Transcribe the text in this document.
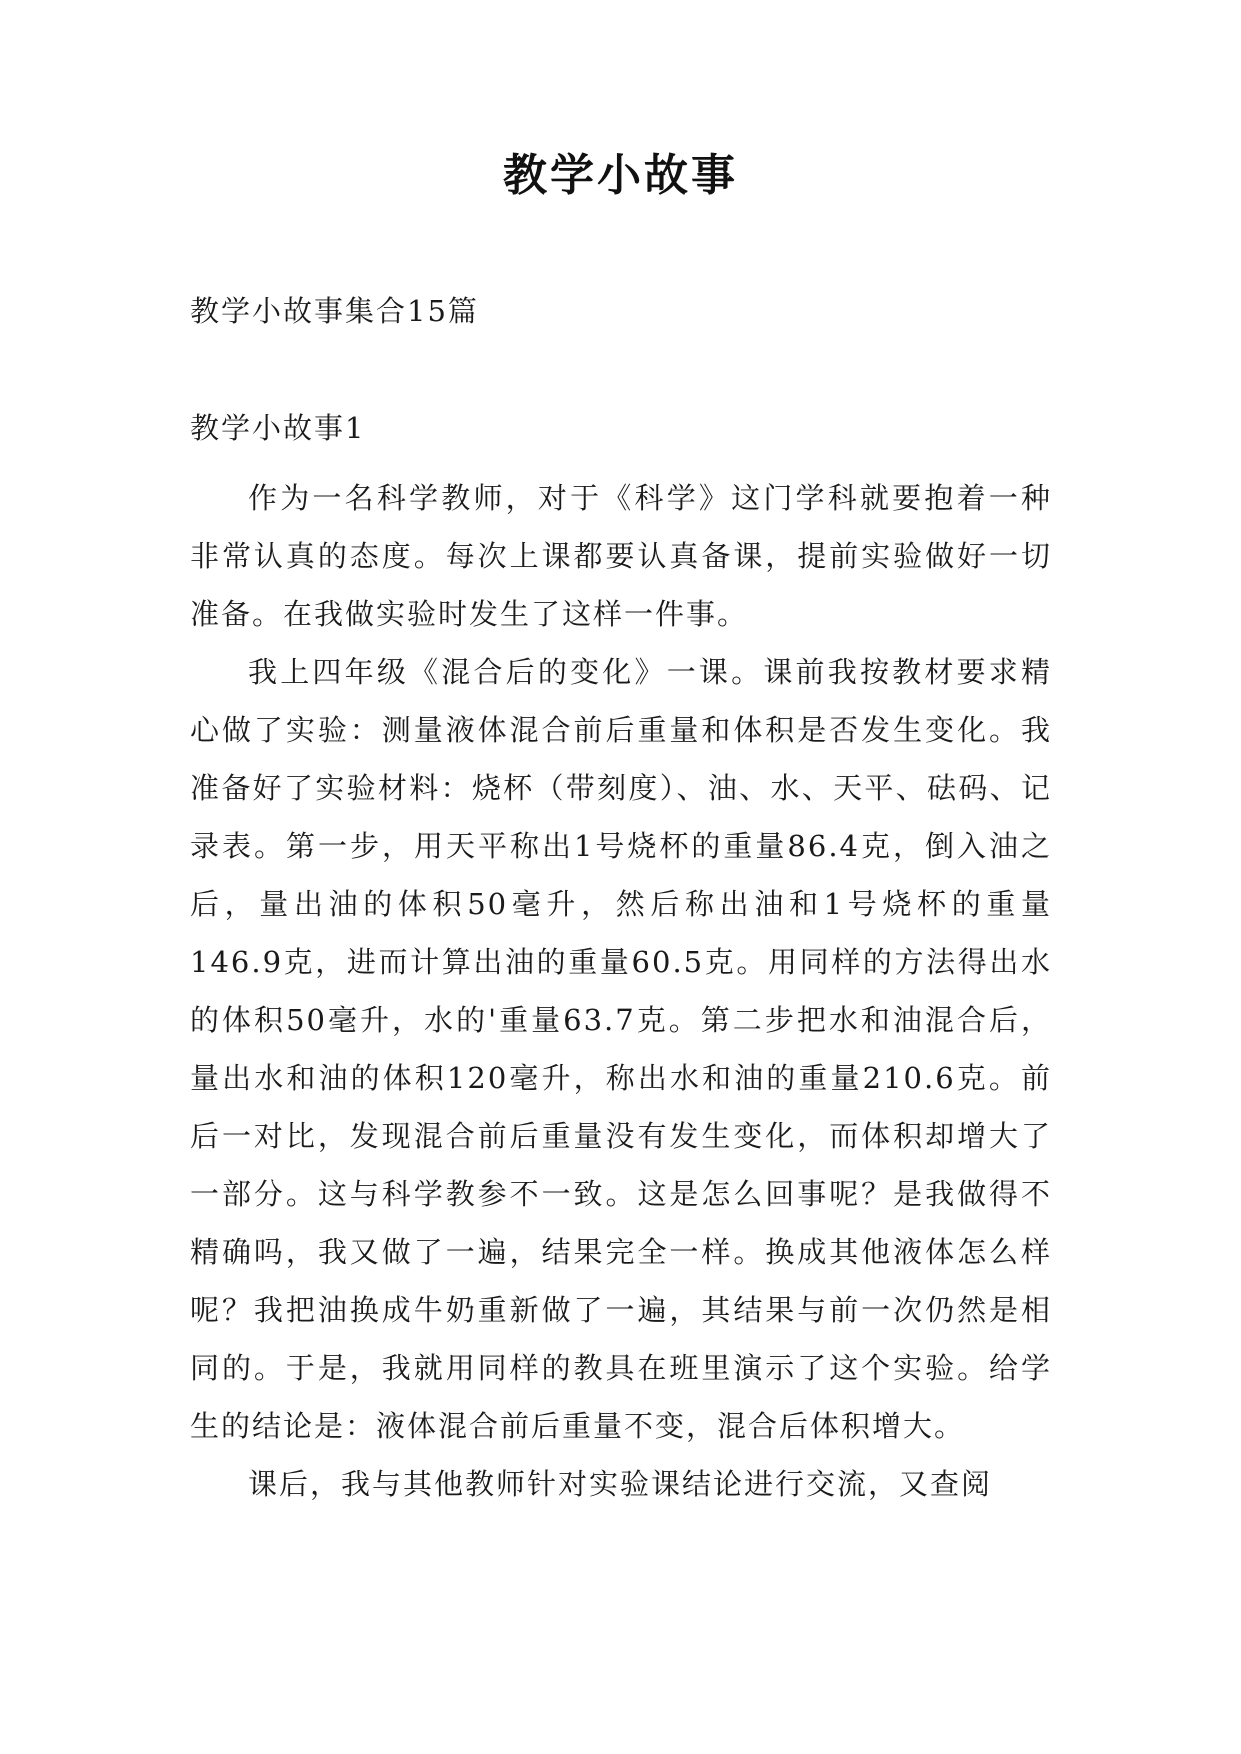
教学小故事
教学小故事集合15篇
教学小故事1

作为一名科学教师，对于《科学》这门学科就要抱着一种非常认真的态度。每次上课都要认真备课，提前实验做好一切准备。在我做实验时发生了这样一件事。

我上四年级《混合后的变化》一课。课前我按教材要求精心做了实验：测量液体混合前后重量和体积是否发生变化。我准备好了实验材料：烧杯（带刻度）、油、水、天平、砝码、记录表。第一步，用天平称出1号烧杯的重量86.4克，倒入油之后，量出油的体积50毫升，然后称出油和1号烧杯的重量146.9克，进而计算出油的重量60.5克。用同样的方法得出水的体积50毫升，水的'重量63.7克。第二步把水和油混合后，量出水和油的体积120毫升，称出水和油的重量210.6克。前后一对比，发现混合前后重量没有发生变化，而体积却增大了一部分。这与科学教参不一致。这是怎么回事呢？是我做得不精确吗，我又做了一遍，结果完全一样。换成其他液体怎么样呢？我把油换成牛奶重新做了一遍，其结果与前一次仍然是相同的。于是，我就用同样的教具在班里演示了这个实验。给学生的结论是：液体混合前后重量不变，混合后体积增大。

课后，我与其他教师针对实验课结论进行交流，又查阅
